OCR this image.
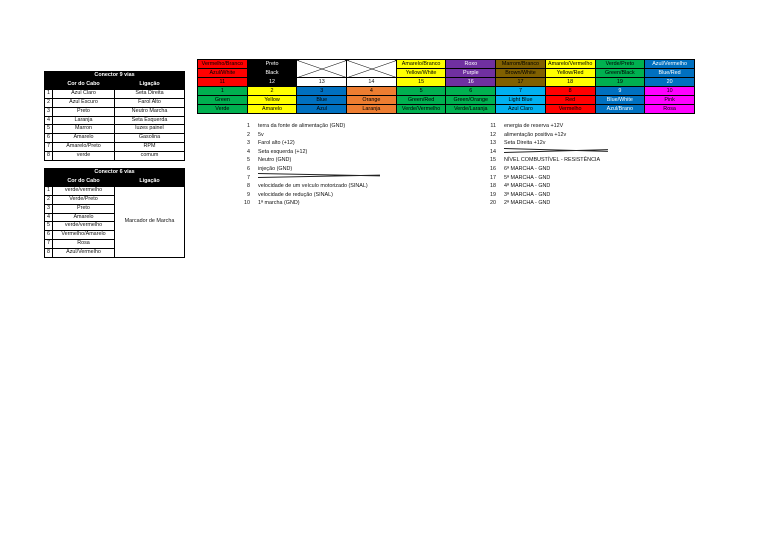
Conector 9 vias		
	Cor do Cabo	Ligação
1	Azul Claro	Seta Direita
2	Azul Escuro	Farol Alto
3	Preto	Neutro Marcha
4	Laranja	Seta Esquerda
5	Marron	luzes painel
6	Amarelo	Gasolina
7	Amarelo/Preto	RPM
8	verde	comum
Conector 6 vias		
	Cor do Cabo	Ligação
1	verde/vermelho	Marcador de Marcha
2	Verde/Preto	
3	Preto	
4	Amarelo	
5	verde/vermelho	
6	Vermelho/Amarelo	
7	Rosa	
8	Azul/Vermelho	
Vermelho/Branco	Preto			Amarelo/Branco	Roxo	Marrom/Branco	Amarelo/Vermelho	Verde/Preto	Azul/Vermelho
Azul/White	Black			Yellow/White	Purple	Brown/White	Yellow/Red	Green/Black	Blue/Red
11	12	13	14	15	16	17	18	19	20
1	2	3	4	5	6	7	8	9	10
Green	Yellow	Blue	Orange	Green/Red	Green/Orange	Light Blue	Red	Blue/White	Pink
Verde	Amarelo	Azul	Laranja	Verde/Vermelho	Verde/Laranja	Azul Claro	Vermelho	Azul/Brano	Rosa
1 terra da fonte de alimentação (GND)
2 5v
3 Farol alto (+12)
4 Seta esquerda (+12)
5 Neutro (GND)
6 injeção (GND)
7
8 velocidade de um veículo motorizado (SINAL)
9 velocidade de redução (SINAL)
10 1ª marcha (GND)
11 energia de reserva +12V
12 alimentação positiva +12v
13 Seta Direita +12v
14
15 NÍVEL COMBUSTÍVEL - RESISTÊNCIA
16 6ª MARCHA - GND
17 5ª MARCHA - GND
18 4ª MARCHA - GND
19 3ª MARCHA - GND
20 2ª MARCHA - GND
